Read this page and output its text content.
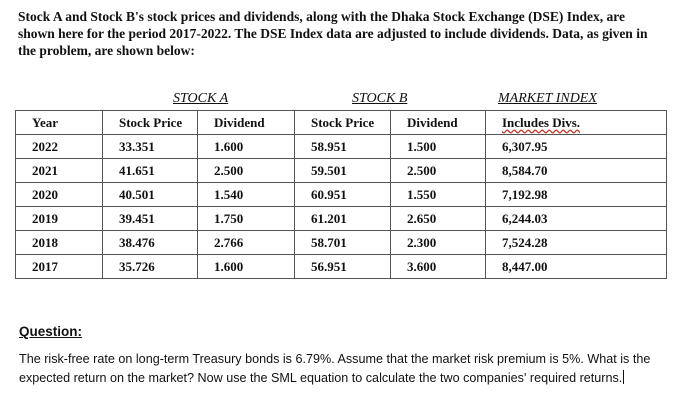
Stock A and Stock B's stock prices and dividends, along with the Dhaka Stock Exchange (DSE) Index, are shown here for the period 2017-2022. The DSE Index data are adjusted to include dividends. Data, as given in the problem, are shown below:
STOCK A	STOCK B	MARKET INDEX
Year	Stock Price	Dividend	Stock Price	Dividend	Includes Divs.
2022	33.351	1.600	58.951	1.500	6,307.95
2021	41.651	2.500	59.501	2.500	8,584.70
2020	40.501	1.540	60.951	1.550	7,192.98
2019	39.451	1.750	61.201	2.650	6,244.03
2018	38.476	2.766	58.701	2.300	7,524.28
2017	35.726	1.600	56.951	3.600	8,447.00
Question:
The risk-free rate on long-term Treasury bonds is 6.79%. Assume that the market risk premium is 5%. What is the expected return on the market? Now use the SML equation to calculate the two companies' required returns.
